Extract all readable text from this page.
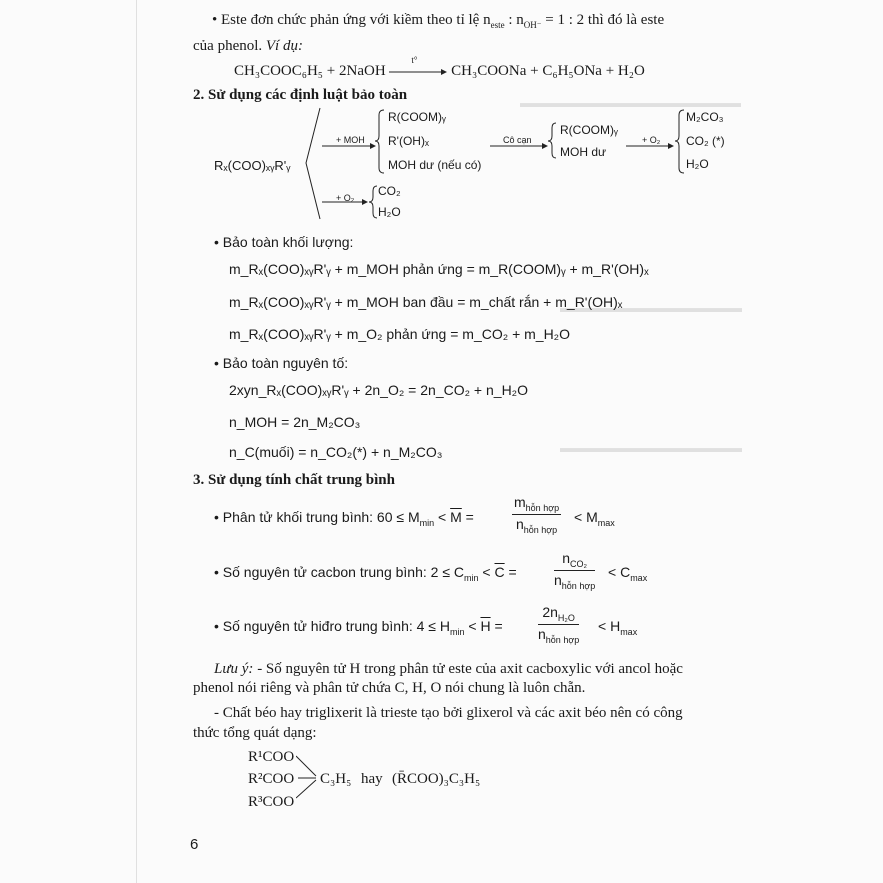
▬▬▬▬▬▬▬▬▬▬▬▬▬▬▬▬▬
▬▬▬▬▬▬▬▬▬▬▬▬▬▬
▬▬▬▬▬▬▬▬▬▬▬▬▬▬
• Este đơn chức phản ứng với kiềm theo tỉ lệ $n_{este}$ : $n_{OH^-} = 1$ : 2 thì đó là este
của phenol. Ví dụ:
CH₃COOC₆H₅ + 2NaOH
t°
CH₃COONa + C₆H₅ONa + H₂O
2. Sử dụng các định luật bảo toàn
Rₓ(COO)ₓᵧR'ᵧ
+ MOH
R(COOM)ᵧ
R'(OH)ₓ
MOH dư (nếu có)
Cô cạn
R(COOM)ᵧ
MOH dư
+ O₂
M₂CO₃
CO₂ (*)
H₂O
+ O₂ CO₂
H₂O
• Bảo toàn khối lượng:
m_Rₓ(COO)ₓᵧR'ᵧ + m_MOH phản ứng = m_R(COOM)ᵧ + m_R'(OH)ₓ
m_Rₓ(COO)ₓᵧR'ᵧ + m_MOH ban đầu = m_chất rắn + m_R'(OH)ₓ
m_Rₓ(COO)ₓᵧR'ᵧ + m_O₂ phản ứng = m_CO₂ + m_H₂O
• Bảo toàn nguyên tố:
2xyn_Rₓ(COO)ₓᵧR'ᵧ + 2n_O₂ = 2n_CO₂ + n_H₂O
n_MOH = 2n_M₂CO₃
n_C(muối) = n_CO₂(*) + n_M₂CO₃
3. Sử dụng tính chất trung bình
• Phân tử khối trung bình: $60 \le M_{min} < \overline{M}$ =
$m_{hỗn hợp}$
$n_{hỗn hợp}$
< $M_{max}$
• Số nguyên tử cacbon trung bình: $2 \le C_{min} < \overline{C}$ =
$n_{CO_2}$
$n_{hỗn hợp}$
< $C_{max}$
• Số nguyên tử hiđro trung bình: $4 \le H_{min} < \overline{H}$ =
$2n_{H_2O}$
$n_{hỗn hợp}$
< $H_{max}$
Lưu ý: - Số nguyên tử H trong phân tử este của axit cacboxylic với ancol hoặc
phenol nói riêng và phân tử chứa C, H, O nói chung là luôn chẵn.
- Chất béo hay triglixerit là trieste tạo bởi glixerol và các axit béo nên có công
thức tổng quát dạng:
R¹COO
R²COO
R³COO
C₃H₅ hay (R̄COO)₃C₃H₅
6
